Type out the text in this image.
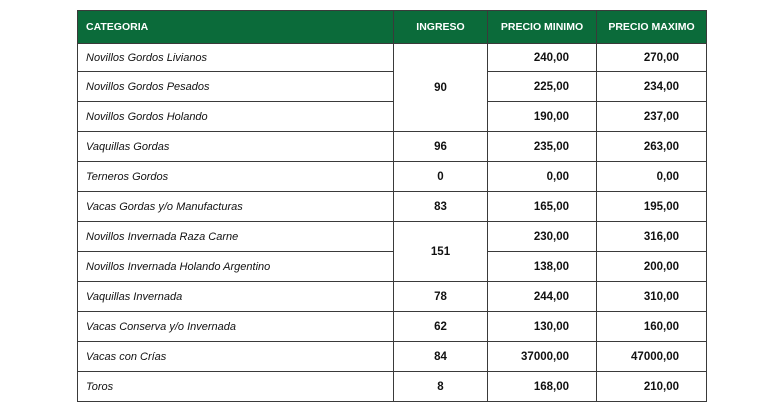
CATEGORIA	INGRESO	PRECIO MINIMO	PRECIO MAXIMO
Novillos Gordos Livianos	90	240,00	270,00
Novillos Gordos Pesados		225,00	234,00
Novillos Gordos Holando		190,00	237,00
Vaquillas Gordas	96	235,00	263,00
Terneros Gordos	0	0,00	0,00
Vacas Gordas y/o Manufacturas	83	165,00	195,00
Novillos Invernada Raza Carne	151	230,00	316,00
Novillos Invernada Holando Argentino		138,00	200,00
Vaquillas Invernada	78	244,00	310,00
Vacas Conserva y/o Invernada	62	130,00	160,00
Vacas con Crías	84	37000,00	47000,00
Toros	8	168,00	210,00
